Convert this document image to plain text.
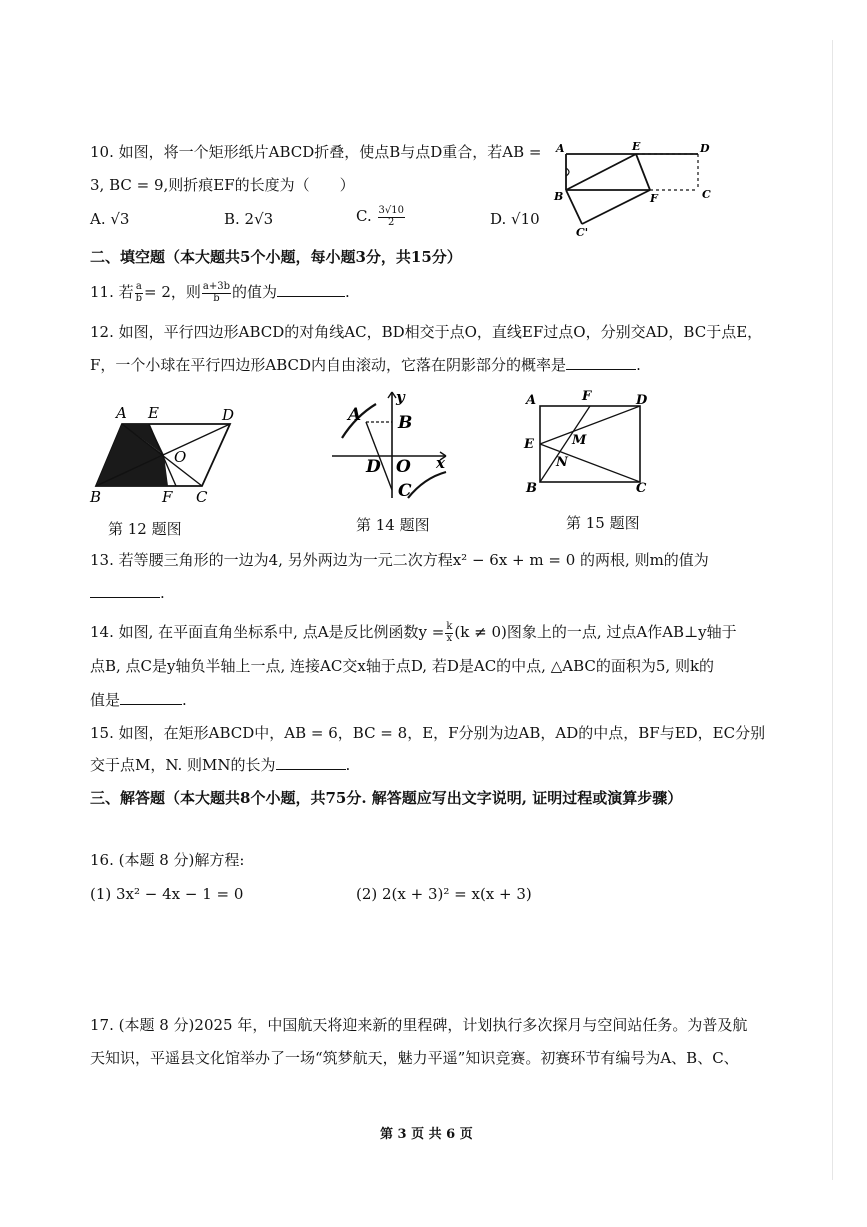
10. 如图，将一个矩形纸片ABCD折叠，使点B与点D重合，若AB =
3, BC = 9,则折痕EF的长度为（　　）
A. √3	B. 2√3	C. $\frac{3√10}{2}$	D. √10
A	E	D
B	F	C
C'
二、填空题（本大题共5个小题，每小题3分，共15分）
11. 若 $\frac{a}{b} = 2$，则 $\frac{a+3b}{b}$ 的值为	.
12. 如图，平行四边形ABCD的对角线AC，BD相交于点O，直线EF过点O，分别交AD，BC于点E，
F，一个小球在平行四边形ABCD内自由滚动，它落在阴影部分的概率是	.
A E	D
O
B	F C
第 12 题图
A
y
B
D O x
C
第 14 题图
A	F	D
E	M
N
B	C
第 15 题图
13. 若等腰三角形的一边为4, 另外两边为一元二次方程x² − 6x + m = 0 的两根, 则m的值为
.
14. 如图, 在平面直角坐标系中, 点A是反比例函数$y = \frac{k}{x} (k \ne 0)$图象上的一点, 过点A作AB⊥y轴于
点B, 点C是y轴负半轴上一点, 连接AC交x轴于点D, 若D是AC的中点, △ABC的面积为5, 则k的
值是	.
15. 如图，在矩形ABCD中，AB = 6，BC = 8，E，F分别为边AB，AD的中点，BF与ED，EC分别
交于点M，N. 则MN的长为	.
三、解答题（本大题共8个小题，共75分. 解答题应写出文字说明, 证明过程或演算步骤）
16. (本题 8 分)解方程:
(1) 3x² − 4x − 1 = 0	(2) 2(x + 3)² = x(x + 3)
17. (本题 8 分)2025 年，中国航天将迎来新的里程碑，计划执行多次探月与空间站任务。为普及航
天知识，平遥县文化馆举办了一场“筑梦航天，魅力平遥”知识竞赛。初赛环节有编号为A、B、C、
第 3 页 共 6 页
